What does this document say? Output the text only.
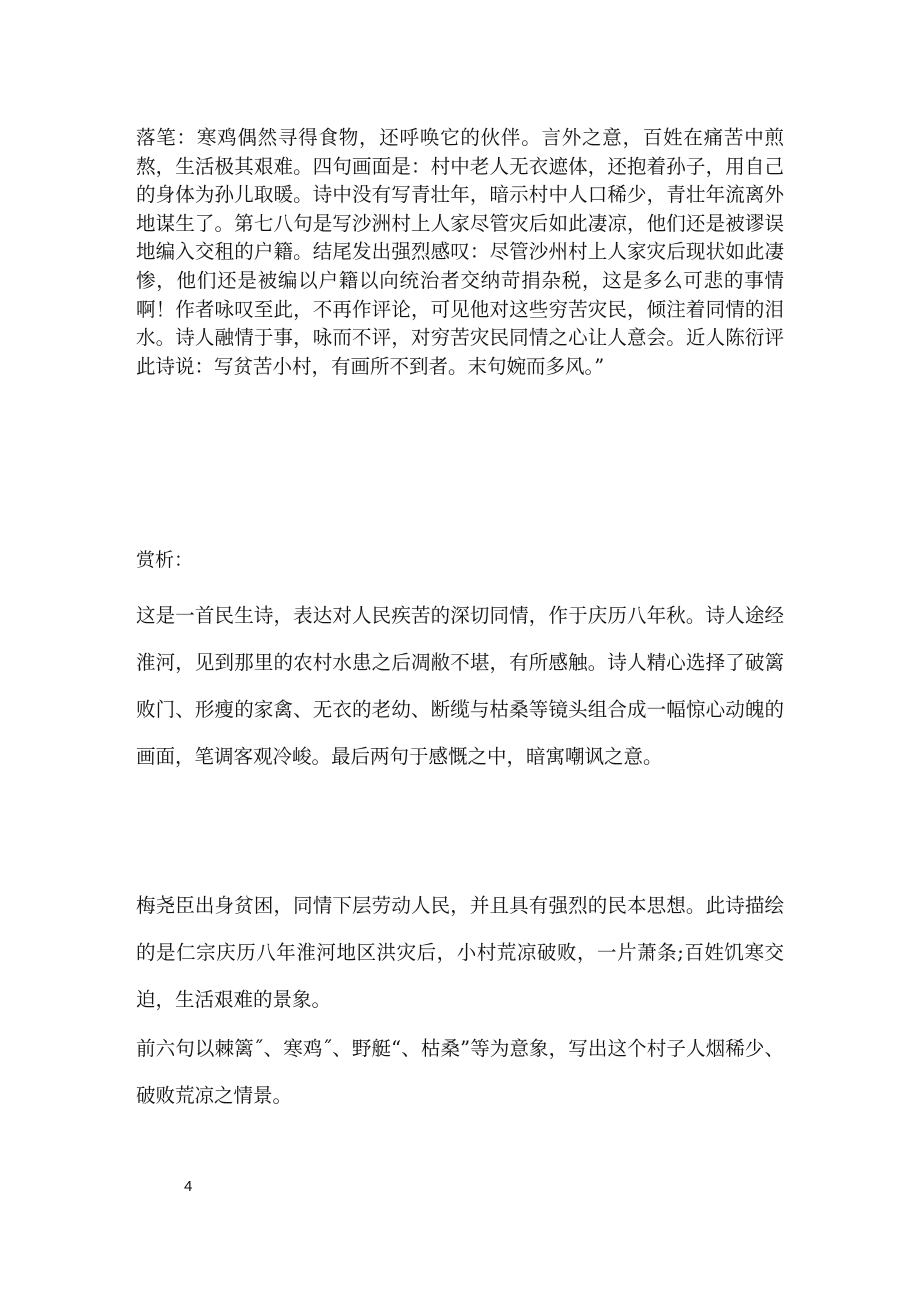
落笔：寒鸡偶然寻得食物，还呼唤它的伙伴。言外之意，百姓在痛苦中煎熬，生活极其艰难。四句画面是：村中老人无衣遮体，还抱着孙子，用自己的身体为孙儿取暖。诗中没有写青壮年，暗示村中人口稀少，青壮年流离外地谋生了。第七八句是写沙洲村上人家尽管灾后如此凄凉，他们还是被谬误地编入交租的户籍。结尾发出强烈感叹：尽管沙州村上人家灾后现状如此凄惨，他们还是被编以户籍以向统治者交纳苛捐杂税，这是多么可悲的事情啊！作者咏叹至此，不再作评论，可见他对这些穷苦灾民，倾注着同情的泪水。诗人融情于事，咏而不评，对穷苦灾民同情之心让人意会。近人陈衍评此诗说：写贫苦小村，有画所不到者。末句婉而多风。”

赏析：

这是一首民生诗，表达对人民疾苦的深切同情，作于庆历八年秋。诗人途经淮河，见到那里的农村水患之后凋敝不堪，有所感触。诗人精心选择了破篱败门、形瘦的家禽、无衣的老幼、断缆与枯桑等镜头组合成一幅惊心动魄的画面，笔调客观冷峻。最后两句于感慨之中，暗寓嘲讽之意。

梅尧臣出身贫困，同情下层劳动人民，并且具有强烈的民本思想。此诗描绘的是仁宗庆历八年淮河地区洪灾后，小村荒凉破败，一片萧条;百姓饥寒交迫，生活艰难的景象。

前六句以棘篱˝、寒鸡˝、野艇“、枯桑”等为意象，写出这个村子人烟稀少、破败荒凉之情景。

4
